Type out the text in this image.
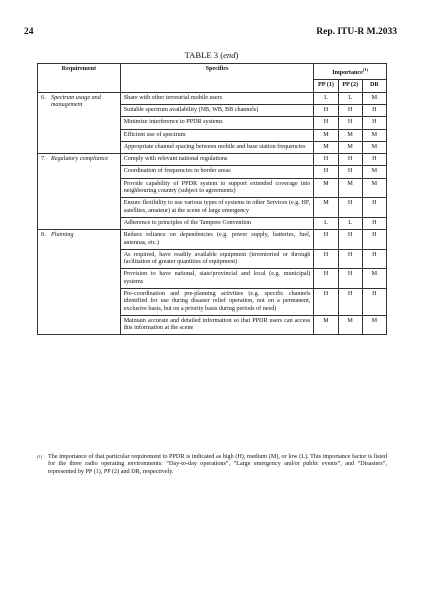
24	Rep. ITU-R M.2033
TABLE 3 (end)
Requirement	Specifics	Importance$^{(1)}$
		PP (1)	PP (2)	DR

6. Spectrum usage and management	Share with other terrestrial mobile users	L	L	M
	Suitable spectrum availability (NB, WB, BB channels)	H	H	H
	Minimize interference to PPDR systems	H	H	H
	Efficient use of spectrum	M	M	M
	Appropriate channel spacing between mobile and base station frequencies	M	M	M

7. Regulatory compliance	Comply with relevant national regulations	H	H	H
	Coordination of frequencies in border areas	H	H	M
	Provide capability of PPDR system to support extended coverage into neighbouring country (subject to agreements)	M	M	M
	Ensure flexibility to use various types of systems in other Services (e.g. HF, satellites, amateur) at the scene of large emergency	M	H	H
	Adherence to principles of the Tampere Convention	L	L	H

8. Planning	Reduce reliance on dependencies (e.g. power supply, batteries, fuel, antennas, etc.)	H	H	H
	As required, have readily available equipment (inventoried or through facilitation of greater quantities of equipment)	H	H	H
	Provision to have national, state/provincial and local (e.g. municipal) systems	H	H	M
	Pre-coordination and pre-planning activities (e.g. specific channels identified for use during disaster relief operation, not on a permanent, exclusive basis, but on a priority basis during periods of need)	H	H	H
	Maintain accurate and detailed information so that PPDR users can access this information at the scene	M	M	M
(1) The importance of that particular requirement to PPDR is indicated as high (H), medium (M), or low (L). This importance factor is listed for the three radio operating environments: “Day-to-day operations”, “Large emergency and/or public events”, and “Disasters”, represented by PP (1), PP (2) and DR, respectively.
